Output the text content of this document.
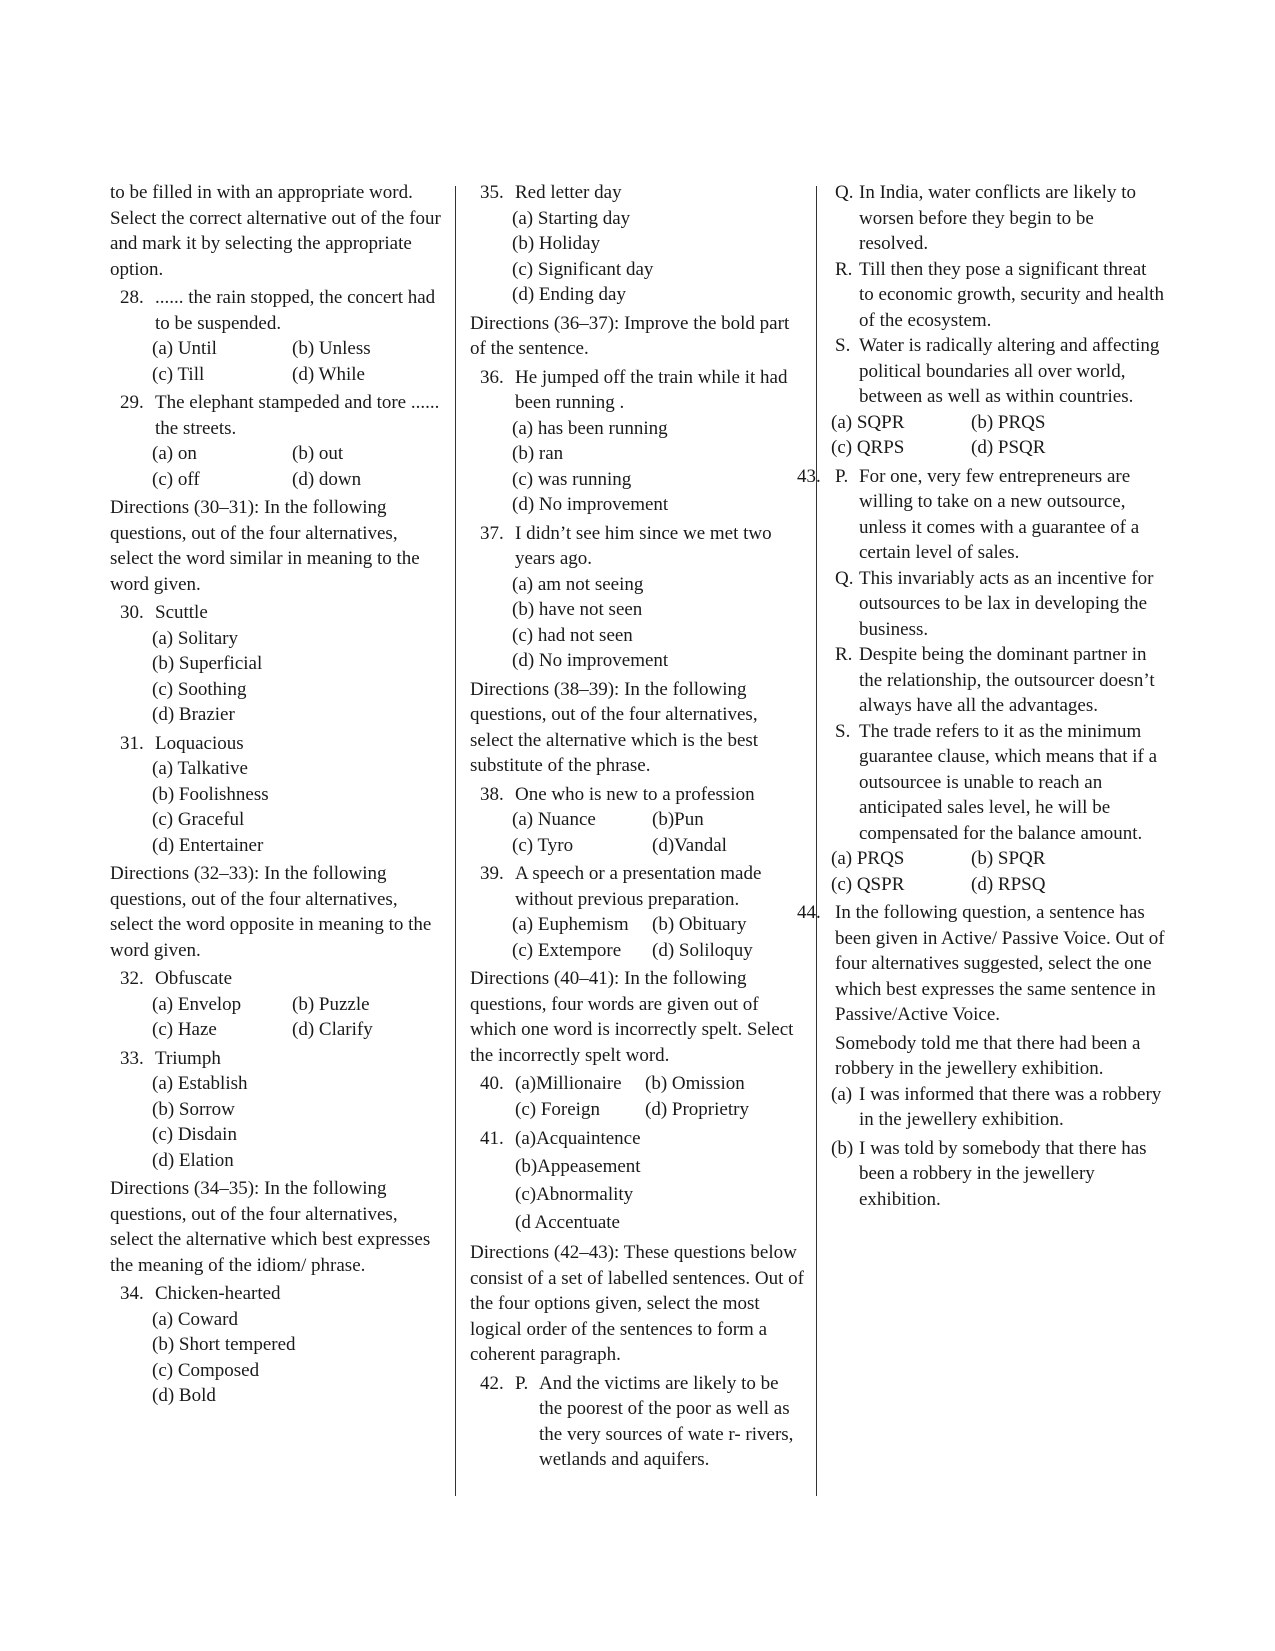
to be filled in with an appropriate word. Select the correct alternative out of the four and mark it by selecting the appropriate option.

28. ...... the rain stopped, the concert had to be suspended.
(a) Until	(b) Unless
(c) Till	(d) While
29. The elephant stampeded and tore ...... the streets.
(a) on	(b) out
(c) off	(d) down

Directions (30–31): In the following questions, out of the four alternatives, select the word similar in meaning to the word given.

30. Scuttle
(a) Solitary
(b) Superficial
(c) Soothing
(d) Brazier
31. Loquacious
(a) Talkative
(b) Foolishness
(c) Graceful
(d) Entertainer

Directions (32–33): In the following questions, out of the four alternatives, select the word opposite in meaning to the word given.

32. Obfuscate
(a) Envelop	(b) Puzzle
(c) Haze	(d) Clarify
33. Triumph
(a) Establish
(b) Sorrow
(c) Disdain
(d) Elation

Directions (34–35): In the following questions, out of the four alternatives, select the alternative which best expresses the meaning of the idiom/ phrase.

34. Chicken-hearted
(a) Coward
(b) Short tempered
(c) Composed
(d) Bold
35. Red letter day
(a) Starting day
(b) Holiday
(c) Significant day
(d) Ending day

Directions (36–37): Improve the bold part of the sentence.

36. He jumped off the train while it had been running .
(a) has been running
(b) ran
(c) was running
(d) No improvement
37. I didn’t see him since we met two years ago.
(a) am not seeing
(b) have not seen
(c) had not seen
(d) No improvement

Directions (38–39): In the following questions, out of the four alternatives, select the alternative which is the best substitute of the phrase.

38. One who is new to a profession
(a) Nuance	(b)Pun
(c) Tyro	(d)Vandal
39. A speech or a presentation made without previous preparation.
(a) Euphemism	(b) Obituary
(c) Extempore	(d) Soliloquy

Directions (40–41): In the following questions, four words are given out of which one word is incorrectly spelt. Select the incorrectly spelt word.

40. (a)Millionaire	(b) Omission
(c) Foreign	(d) Proprietry
41. (a)Acquaintence
(b)Appeasement
(c)Abnormality
(d Accentuate

Directions (42–43): These questions below consist of a set of labelled sentences. Out of the four options given, select the most logical order of the sentences to form a coherent paragraph.

42. P. And the victims are likely to be the poorest of the poor as well as the very sources of wate r- rivers, wetlands and aquifers.
Q. In India, water conflicts are likely to worsen before they begin to be resolved.
R. Till then they pose a significant threat to economic growth, security and health of the ecosystem.
S. Water is radically altering and affecting political boundaries all over world, between as well as within countries.
(a) SQPR	(b) PRQS
(c) QRPS	(d) PSQR
43. P. For one, very few entrepreneurs are willing to take on a new outsource, unless it comes with a guarantee of a certain level of sales.
Q. This invariably acts as an incentive for outsources to be lax in developing the business.
R. Despite being the dominant partner in the relationship, the outsourcer doesn’t always have all the advantages.
S. The trade refers to it as the minimum guarantee clause, which means that if a outsourcee is unable to reach an anticipated sales level, he will be compensated for the balance amount.
(a) PRQS	(b) SPQR
(c) QSPR	(d) RPSQ
44. In the following question, a sentence has been given in Active/ Passive Voice. Out of four alternatives suggested, select the one which best expresses the same sentence in Passive/Active Voice.
Somebody told me that there had been a robbery in the jewellery exhibition.
(a) I was informed that there was a robbery in the jewellery exhibition.
(b) I was told by somebody that there has been a robbery in the jewellery exhibition.
